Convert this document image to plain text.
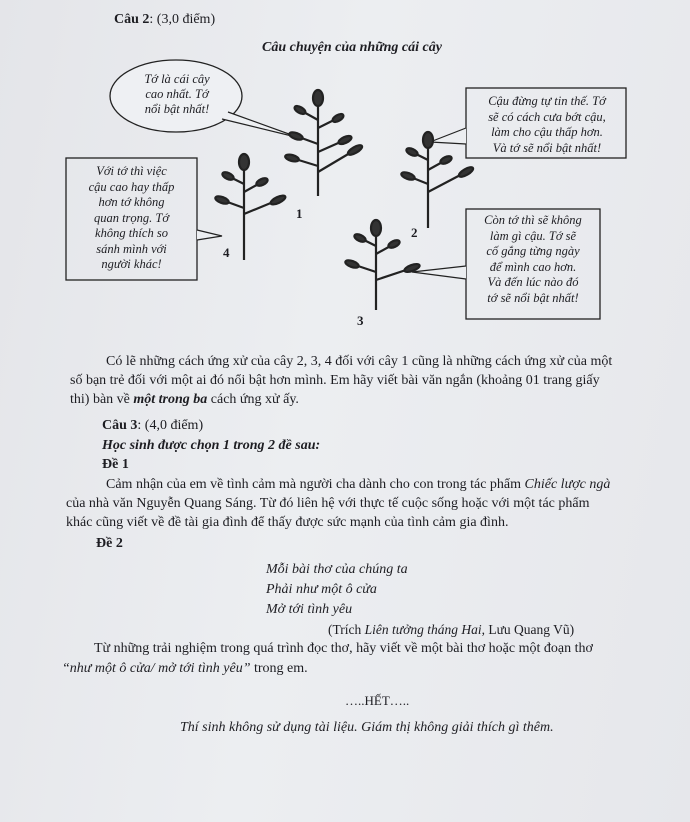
Câu 2: (3,0 điểm)
Câu chuyện của những cái cây
Tớ là cái cây
cao nhất. Tớ
nổi bật nhất!
Cậu đừng tự tin thế. Tớ
sẽ có cách cưa bớt cậu,
làm cho cậu thấp hơn.
Và tớ sẽ nổi bật nhất!
Với tớ thì việc
cậu cao hay thấp
hơn tớ không
quan trọng. Tớ
không thích so
sánh mình với
người khác!
Còn tớ thì sẽ không
làm gì cậu. Tớ sẽ
cố gắng từng ngày
để mình cao hơn.
Và đến lúc nào đó
tớ sẽ nổi bật nhất!
1
2
3
4
Có lẽ những cách ứng xử của cây 2, 3, 4 đối với cây 1 cũng là những cách ứng xử của một
số bạn trẻ đối với một ai đó nổi bật hơn mình. Em hãy viết bài văn ngắn (khoảng 01 trang giấy
thi) bàn về một trong ba cách ứng xử ấy.
Câu 3: (4,0 điểm)
Học sinh được chọn 1 trong 2 đề sau:
Đề 1
Cảm nhận của em về tình cảm mà người cha dành cho con trong tác phẩm Chiếc lược ngà
của nhà văn Nguyễn Quang Sáng. Từ đó liên hệ với thực tế cuộc sống hoặc với một tác phẩm
khác cũng viết về đề tài gia đình để thấy được sức mạnh của tình cảm gia đình.
Đề 2
Mỗi bài thơ của chúng ta
Phải như một ô cửa
Mở tới tình yêu
(Trích Liên tưởng tháng Hai, Lưu Quang Vũ)
Từ những trải nghiệm trong quá trình đọc thơ, hãy viết về một bài thơ hoặc một đoạn thơ
“như một ô cửa/ mở tới tình yêu” trong em.
…..HẾT…..
Thí sinh không sử dụng tài liệu. Giám thị không giải thích gì thêm.
